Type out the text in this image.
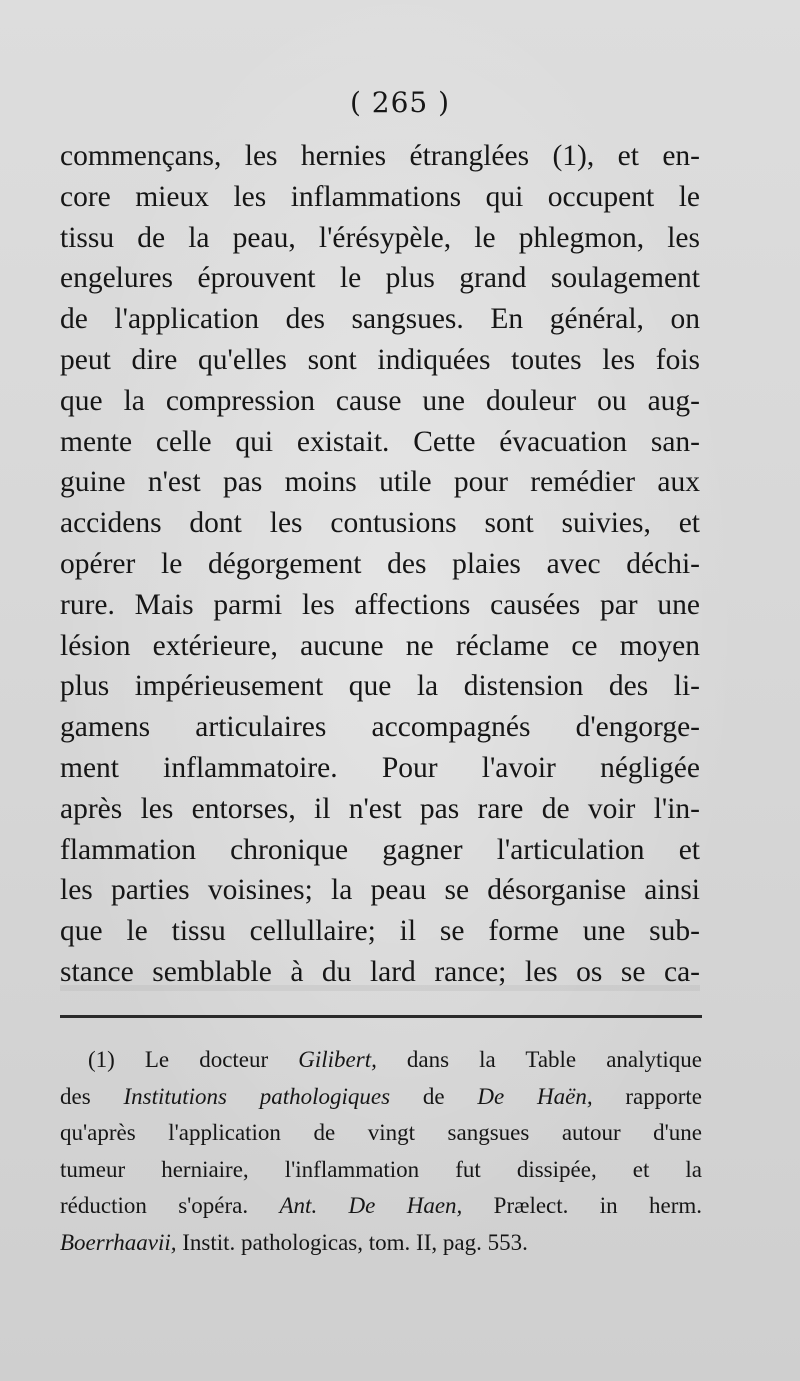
( 265 )
commençans, les hernies étranglées (1), et en-
core mieux les inflammations qui occupent le
tissu de la peau, l'érésypèle, le phlegmon, les
engelures éprouvent le plus grand soulagement
de l'application des sangsues. En général, on
peut dire qu'elles sont indiquées toutes les fois
que la compression cause une douleur ou aug-
mente celle qui existait. Cette évacuation san-
guine n'est pas moins utile pour remédier aux
accidens dont les contusions sont suivies, et
opérer le dégorgement des plaies avec déchi-
rure. Mais parmi les affections causées par une
lésion extérieure, aucune ne réclame ce moyen
plus impérieusement que la distension des li-
gamens articulaires accompagnés d'engorge-
ment inflammatoire. Pour l'avoir négligée
après les entorses, il n'est pas rare de voir l'in-
flammation chronique gagner l'articulation et
les parties voisines; la peau se désorganise ainsi
que le tissu cellullaire; il se forme une sub-
stance semblable à du lard rance; les os se ca-
(1) Le docteur Gilibert, dans la Table analytique
des Institutions pathologiques de De Haën, rapporte
qu'après l'application de vingt sangsues autour d'une
tumeur herniaire, l'inflammation fut dissipée, et la
réduction s'opéra. Ant. De Haen, Prælect. in herm.
Boerrhaavii, Instit. pathologicas, tom. II, pag. 553.
